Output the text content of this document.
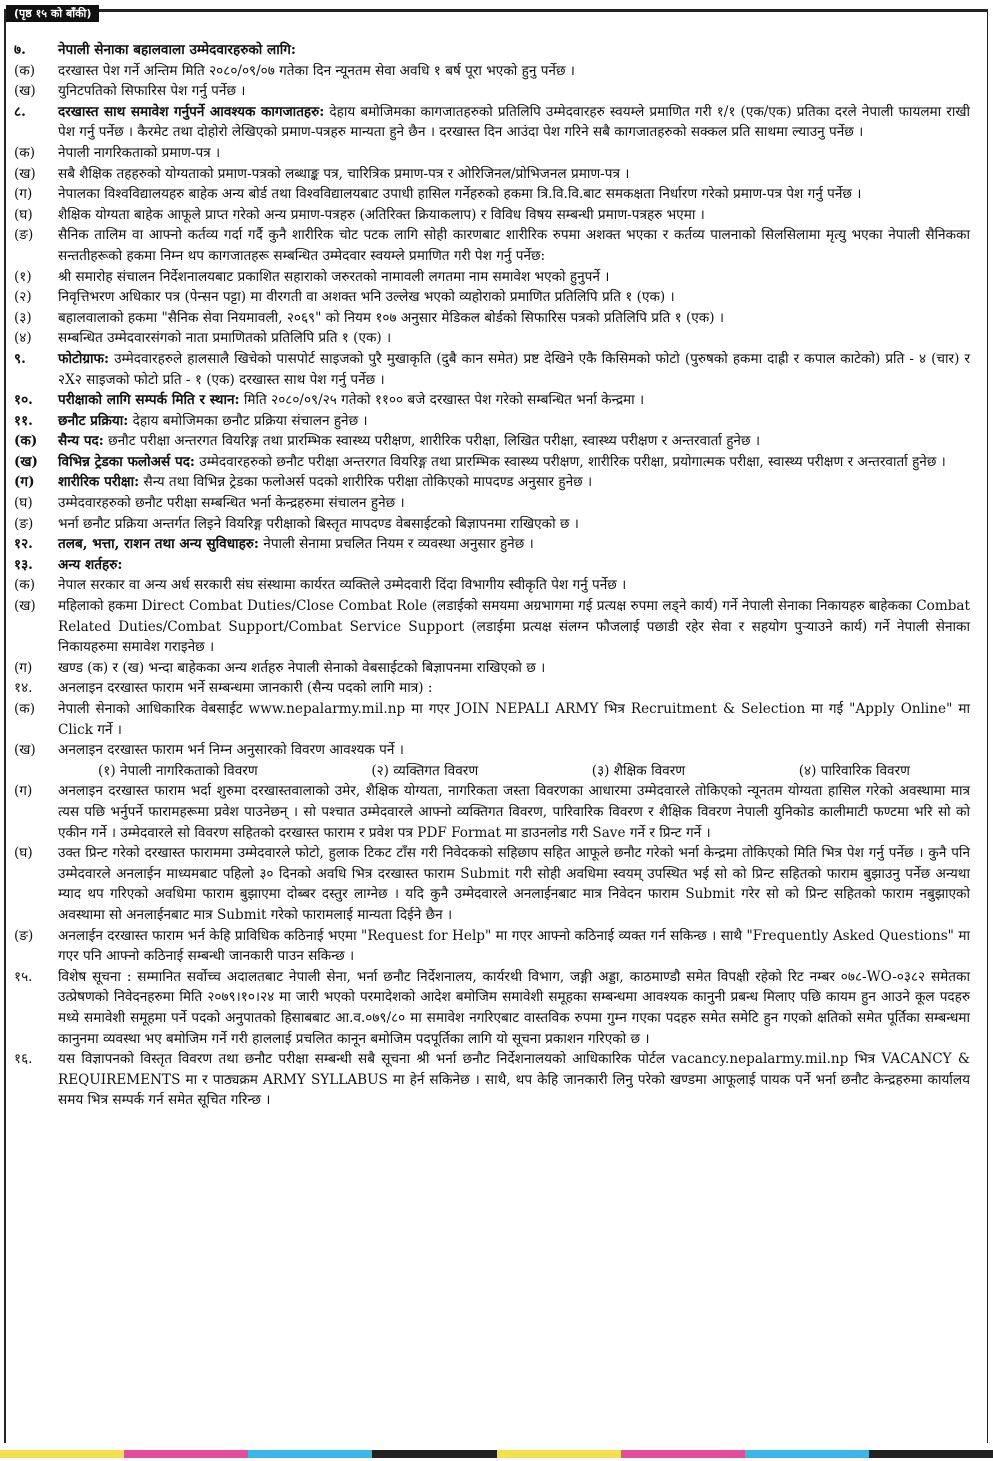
(पृष्ठ १५ को बाँकी)
७.	नेपाली सेनाका बहालवाला उम्मेदवारहरुको लागि:
(क)	दरखास्त पेश गर्ने अन्तिम मिति २०८०/०९/०७ गतेका दिन न्यूनतम सेवा अवधि १ बर्ष पूरा भएको हुनु पर्नेछ ।
(ख)	युनिटपतिको सिफारिस पेश गर्नु पर्नेछ ।
८.	दरखास्त साथ समावेश गर्नुपर्ने आवश्यक कागजातहरु: देहाय बमोजिमका कागजातहरुको प्रतिलिपि उम्मेदवारहरु स्वयम्ले प्रमाणित गरी १/१ (एक/एक) प्रतिका दरले नेपाली फायलमा राखी पेश गर्नु पर्नेछ । कैरमेट तथा दोहोरो लेखिएको प्रमाण-पत्रहरु मान्यता हुने छैन । दरखास्त दिन आउंदा पेश गरिने सबै कागजातहरुको सक्कल प्रति साथमा ल्याउनु पर्नेछ ।
(क)	नेपाली नागरिकताको प्रमाण-पत्र ।
(ख)	सबै शैक्षिक तहहरुको योग्यताको प्रमाण-पत्रको लब्धाङ्क पत्र, चारित्रिक प्रमाण-पत्र र ओरिजिनल/प्रोभिजनल प्रमाण-पत्र ।
(ग)	नेपालका विश्वविद्यालयहरु बाहेक अन्य बोर्ड तथा विश्वविद्यालयबाट उपाधी हासिल गर्नेहरुको हकमा त्रि.वि.वि.बाट समकक्षता निर्धारण गरेको प्रमाण-पत्र पेश गर्नु पर्नेछ ।
(घ)	शैक्षिक योग्यता बाहेक आफूले प्राप्त गरेको अन्य प्रमाण-पत्रहरु (अतिरिक्त क्रियाकलाप) र विविध विषय सम्बन्धी प्रमाण-पत्रहरु भएमा ।
(ङ)	सैनिक तालिम वा आफ्नो कर्तव्य गर्दा गर्दै कुनै शारीरिक चोट पटक लागि सोही कारणबाट शारीरिक रुपमा अशक्त भएका र कर्तव्य पालनाको सिलसिलामा मृत्यु भएका नेपाली सैनिकका सन्ततीहरूको हकमा निम्न थप कागजातहरू सम्बन्धित उम्मेदवार स्वयम्ले प्रमाणित गरी पेश गर्नु पर्नेछ:
(१)	श्री समारोह संचालन निर्देशनालयबाट प्रकाशित सहाराको जरुरतको नामावली लगतमा नाम समावेश भएको हुनुपर्ने ।
(२)	निवृत्तिभरण अधिकार पत्र (पेन्सन पट्टा) मा वीरगती वा अशक्त भनि उल्लेख भएको व्यहोराको प्रमाणित प्रतिलिपि प्रति १ (एक) ।
(३)	बहालवालाको हकमा "सैनिक सेवा नियमावली, २०६९" को नियम १०७ अनुसार मेडिकल बोर्डको सिफारिस पत्रको प्रतिलिपि प्रति १ (एक) ।
(४)	सम्बन्धित उम्मेदवारसंगको नाता प्रमाणितको प्रतिलिपि प्रति १ (एक) ।
९.	फोटोग्राफ: उम्मेदवारहरुले हालसालै खिचेको पासपोर्ट साइजको पुरै मुखाकृति (दुबै कान समेत) प्रष्ट देखिने एकै किसिमको फोटो (पुरुषको हकमा दाह्री र कपाल काटेको) प्रति - ४ (चार) र २X२ साइजको फोटो प्रति - १ (एक) दरखास्त साथ पेश गर्नु पर्नेछ ।
१०.	परीक्षाको लागि सम्पर्क मिति र स्थान: मिति २०८०/०९/२५ गतेको ११०० बजे दरखास्त पेश गरेको सम्बन्धित भर्ना केन्द्रमा ।
११.	छनौट प्रक्रिया: देहाय बमोजिमका छनौट प्रक्रिया संचालन हुनेछ ।
(क)	सैन्य पद: छनौट परीक्षा अन्तरगत वियरिङ्ग तथा प्रारम्भिक स्वास्थ्य परीक्षण, शारीरिक परीक्षा, लिखित परीक्षा, स्वास्थ्य परीक्षण र अन्तरवार्ता हुनेछ ।
(ख)	विभिन्न ट्रेडका फलोअर्स पद: उम्मेदवारहरुको छनौट परीक्षा अन्तरगत वियरिङ्ग तथा प्रारम्भिक स्वास्थ्य परीक्षण, शारीरिक परीक्षा, प्रयोगात्मक परीक्षा, स्वास्थ्य परीक्षण र अन्तरवार्ता हुनेछ ।
(ग)	शारीरिक परीक्षा: सैन्य तथा विभिन्न ट्रेडका फलोअर्स पदको शारीरिक परीक्षा तोकिएको मापदण्ड अनुसार हुनेछ ।
(घ)	उम्मेदवारहरुको छनौट परीक्षा सम्बन्धित भर्ना केन्द्रहरुमा संचालन हुनेछ ।
(ङ)	भर्ना छनौट प्रक्रिया अन्तर्गत लिइने वियरिङ्ग परीक्षाको बिस्तृत मापदण्ड वेबसाईटको बिज्ञापनमा राखिएको छ ।
१२.	तलब, भत्ता, राशन तथा अन्य सुविधाहरु: नेपाली सेनामा प्रचलित नियम र व्यवस्था अनुसार हुनेछ ।
१३.	अन्य शर्तहरु:
(क)	नेपाल सरकार वा अन्य अर्ध सरकारी संघ संस्थामा कार्यरत व्यक्तिले उम्मेदवारी दिंदा विभागीय स्वीकृति पेश गर्नु पर्नेछ ।
(ख)	महिलाको हकमा Direct Combat Duties/Close Combat Role (लडाईको समयमा अग्रभागमा गई प्रत्यक्ष रुपमा लड्ने कार्य) गर्ने नेपाली सेनाका निकायहरु बाहेकका Combat Related Duties/Combat Support/Combat Service Support (लडाईमा प्रत्यक्ष संलग्न फौजलाई पछाडी रहेर सेवा र सहयोग पुर्‍याउने कार्य) गर्ने नेपाली सेनाका निकायहरुमा समावेश गराइनेछ ।
(ग)	खण्ड (क) र (ख) भन्दा बाहेकका अन्य शर्तहरु नेपाली सेनाको वेबसाईटको बिज्ञापनमा राखिएको छ ।
१४.	अनलाइन दरखास्त फाराम भर्ने सम्बन्धमा जानकारी (सैन्य पदको लागि मात्र) :
(क)	नेपाली सेनाको आधिकारिक वेबसाईट www.nepalarmy.mil.np मा गएर JOIN NEPALI ARMY भित्र Recruitment & Selection मा गई "Apply Online" मा Click गर्ने ।
(ख)	अनलाइन दरखास्त फाराम भर्न निम्न अनुसारको विवरण आवश्यक पर्ने ।
(१) नेपाली नागरिकताको विवरण	(२) व्यक्तिगत विवरण	(३) शैक्षिक विवरण	(४) पारिवारिक विवरण
(ग)	अनलाइन दरखास्त फाराम भर्दा शुरुमा दरखास्तवालाको उमेर, शैक्षिक योग्यता, नागरिकता जस्ता विवरणका आधारमा उम्मेदवारले तोकिएको न्यूनतम योग्यता हासिल गरेको अवस्थामा मात्र त्यस पछि भर्नुपर्ने फारामहरूमा प्रवेश पाउनेछन् । सो पश्चात उम्मेदवारले आफ्नो व्यक्तिगत विवरण, पारिवारिक विवरण र शैक्षिक विवरण नेपाली युनिकोड कालीमाटी फण्टमा भरि सो को एकीन गर्ने । उम्मेदवारले सो विवरण सहितको दरखास्त फाराम र प्रवेश पत्र PDF Format मा डाउनलोड गरी Save गर्ने र प्रिन्ट गर्ने ।
(घ)	उक्त प्रिन्ट गरेको दरखास्त फाराममा उम्मेदवारले फोटो, हुलाक टिकट टाँस गरी निवेदकको सहिछाप सहित आफूले छनौट गरेको भर्ना केन्द्रमा तोकिएको मिति भित्र पेश गर्नु पर्नेछ । कुनै पनि उम्मेदवारले अनलाईन माध्यमबाट पहिलो ३० दिनको अवधि भित्र दरखास्त फाराम Submit गरी सोही अवधिमा स्वयम् उपस्थित भई सो को प्रिन्ट सहितको फाराम बुझाउनु पर्नेछ अन्यथा म्याद थप गरिएको अवधिमा फाराम बुझाएमा दोब्बर दस्तुर लाग्नेछ । यदि कुनै उम्मेदवारले अनलाईनबाट मात्र निवेदन फाराम Submit गरेर सो को प्रिन्ट सहितको फाराम नबुझाएको अवस्थामा सो अनलाईनबाट मात्र Submit गरेको फारामलाई मान्यता दिईने छैन ।
(ङ)	अनलाईन दरखास्त फाराम भर्न केहि प्राविधिक कठिनाई भएमा "Request for Help" मा गएर आफ्नो कठिनाई व्यक्त गर्न सकिन्छ । साथै "Frequently Asked Questions" मा गएर पनि आफ्नो कठिनाई सम्बन्धी जानकारी पाउन सकिन्छ ।
१५.	विशेष सूचना : सम्मानित सर्वोच्च अदालतबाट नेपाली सेना, भर्ना छनौट निर्देशनालय, कार्यरथी विभाग, जङ्गी अड्डा, काठमाण्डौ समेत विपक्षी रहेको रिट नम्बर ०७८-WO-०३८२ समेतका उत्प्रेषणको निवेदनहरुमा मिति २०७९।१०।२४ मा जारी भएको परमादेशको आदेश बमोजिम समावेशी समूहका सम्बन्धमा आवश्यक कानुनी प्रबन्ध मिलाए पछि कायम हुन आउने कूल पदहरु मध्ये समावेशी समूहमा पर्ने पदको अनुपातको हिसाबबाट आ.व.०७९/८० मा समावेश नगरिएबाट वास्तविक रुपमा गुम्न गएका पदहरु समेत समेटि हुन गएको क्षतिको समेत पूर्तिका सम्बन्धमा कानुनमा व्यवस्था भए बमोजिम गर्ने गरी हाललाई प्रचलित कानून बमोजिम पदपूर्तिका लागि यो सूचना प्रकाशन गरिएको छ ।
१६.	यस विज्ञापनको विस्तृत विवरण तथा छनौट परीक्षा सम्बन्धी सबै सूचना श्री भर्ना छनौट निर्देशनालयको आधिकारिक पोर्टल vacancy.nepalarmy.mil.np भित्र VACANCY & REQUIREMENTS मा र पाठ्यक्रम ARMY SYLLABUS मा हेर्न सकिनेछ । साथै, थप केहि जानकारी लिनु परेको खण्डमा आफूलाई पायक पर्ने भर्ना छनौट केन्द्रहरुमा कार्यालय समय भित्र सम्पर्क गर्न समेत सूचित गरिन्छ ।
